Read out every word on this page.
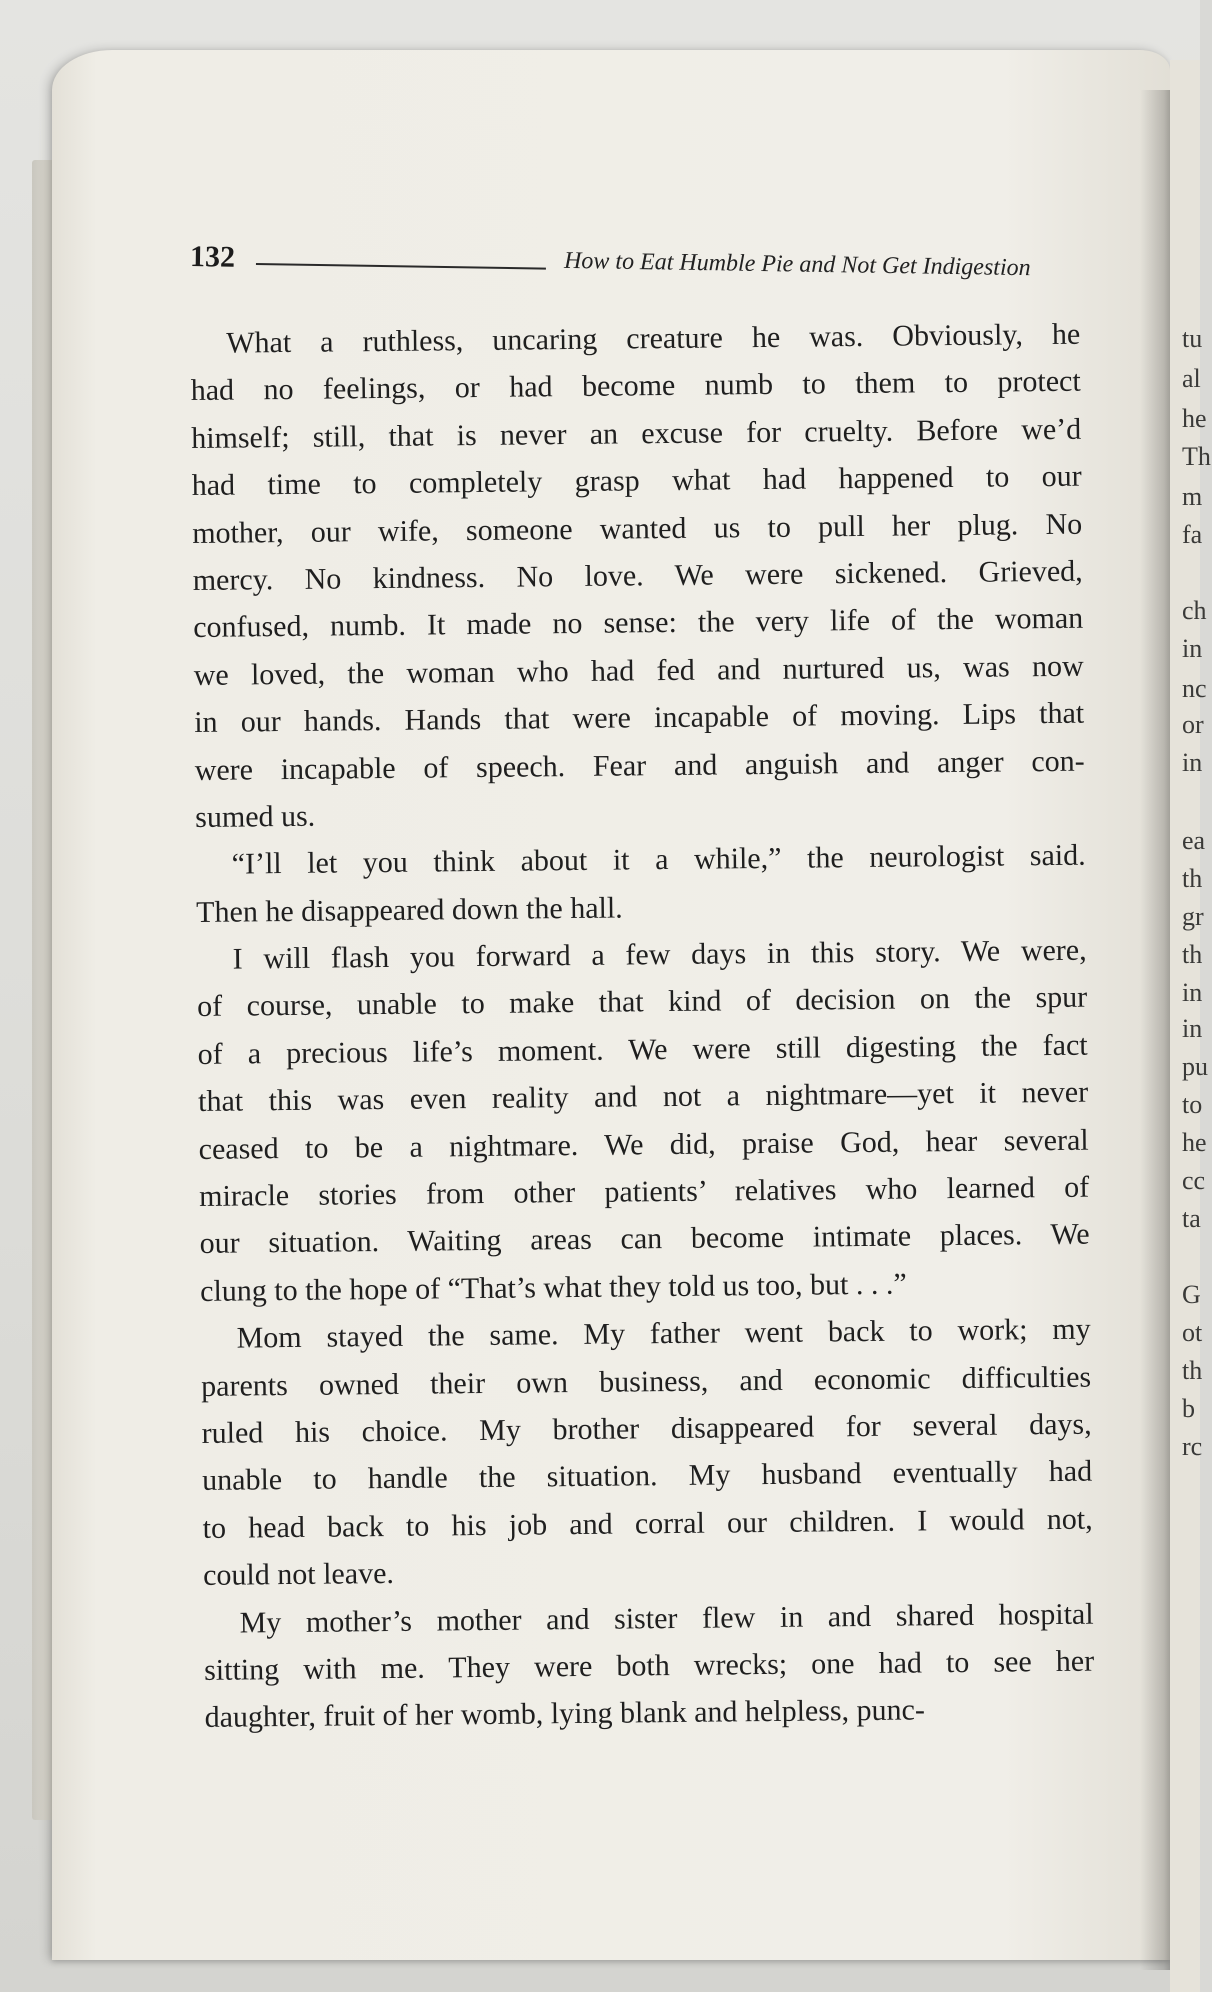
tu
al
he
Th
m
fa
ch
in
nc
or
in
ea
th
gr
th
in
in
pu
to
he
cc
ta
G
ot
th
b
rc
132	How to Eat Humble Pie and Not Get Indigestion
What a ruthless, uncaring creature he was. Obviously, he
had no feelings, or had become numb to them to protect
himself; still, that is never an excuse for cruelty. Before we’d
had time to completely grasp what had happened to our
mother, our wife, someone wanted us to pull her plug. No
mercy. No kindness. No love. We were sickened. Grieved,
confused, numb. It made no sense: the very life of the woman
we loved, the woman who had fed and nurtured us, was now
in our hands. Hands that were incapable of moving. Lips that
were incapable of speech. Fear and anguish and anger con-
sumed us.
“I’ll let you think about it a while,” the neurologist said.
Then he disappeared down the hall.
I will flash you forward a few days in this story. We were,
of course, unable to make that kind of decision on the spur
of a precious life’s moment. We were still digesting the fact
that this was even reality and not a nightmare—yet it never
ceased to be a nightmare. We did, praise God, hear several
miracle stories from other patients’ relatives who learned of
our situation. Waiting areas can become intimate places. We
clung to the hope of “That’s what they told us too, but . . .”
Mom stayed the same. My father went back to work; my
parents owned their own business, and economic difficulties
ruled his choice. My brother disappeared for several days,
unable to handle the situation. My husband eventually had
to head back to his job and corral our children. I would not,
could not leave.
My mother’s mother and sister flew in and shared hospital
sitting with me. They were both wrecks; one had to see her
daughter, fruit of her womb, lying blank and helpless, punc-
